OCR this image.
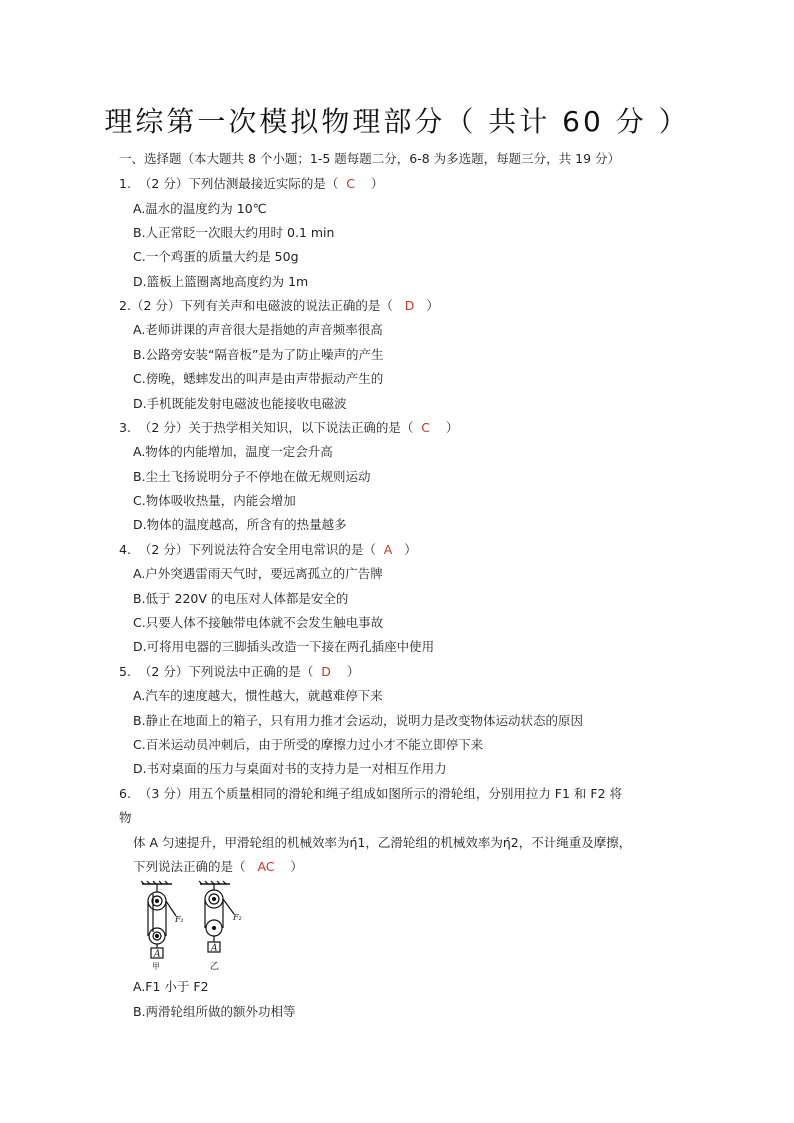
理综第一次模拟物理部分（ 共计 60 分 ）
一、选择题（本大题共 8 个小题；1-5 题每题二分，6-8 为多选题，每题三分，共 19 分）
1. （2 分）下列估测最接近实际的是（ C ）
A.温水的温度约为 10℃
B.人正常眨一次眼大约用时 0.1 min
C.一个鸡蛋的质量大约是 50g
D.篮板上篮圈离地高度约为 1m
2.（2 分）下列有关声和电磁波的说法正确的是（ D ）
A.老师讲课的声音很大是指她的声音频率很高
B.公路旁安装“隔音板”是为了防止噪声的产生
C.傍晚，蟋蟀发出的叫声是由声带振动产生的
D.手机既能发射电磁波也能接收电磁波
3. （2 分）关于热学相关知识，以下说法正确的是（ C ）
A.物体的内能增加，温度一定会升高
B.尘土飞扬说明分子不停地在做无规则运动
C.物体吸收热量，内能会增加
D.物体的温度越高，所含有的热量越多
4. （2 分）下列说法符合安全用电常识的是（ A ）
A.户外突遇雷雨天气时，要远离孤立的广告牌
B.低于 220V 的电压对人体都是安全的
C.只要人体不接触带电体就不会发生触电事故
D.可将用电器的三脚插头改造一下接在两孔插座中使用
5. （2 分）下列说法中正确的是（ D ）
A.汽车的速度越大，惯性越大，就越难停下来
B.静止在地面上的箱子，只有用力推才会运动，说明力是改变物体运动状态的原因
C.百米运动员冲刺后，由于所受的摩擦力过小才不能立即停下来
D.书对桌面的压力与桌面对书的支持力是一对相互作用力
6. （3 分）用五个质量相同的滑轮和绳子组成如图所示的滑轮组，分别用拉力 F1 和 F2 将
物
体 A 匀速提升，甲滑轮组的机械效率为ή1，乙滑轮组的机械效率为ή2，不计绳重及摩擦，
下列说法正确的是（ AC ）
A
F₁
甲
A
F₂
乙
A.F1 小于 F2
B.两滑轮组所做的额外功相等
